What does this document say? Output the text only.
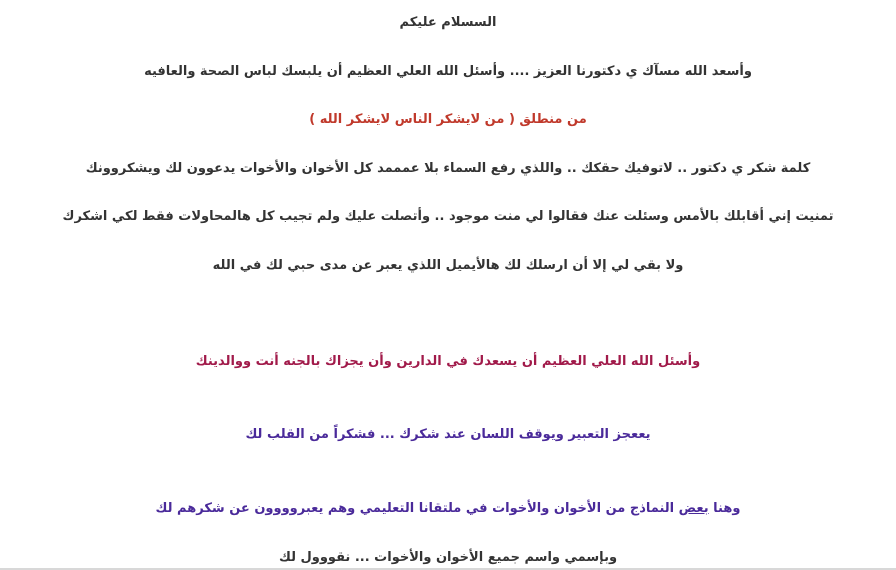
السسلام عليكم
وأسعد الله مسآك ي دكتورنا العزيز .... وأسئل الله العلي العظيم أن يلبسك لباس الصحة والعافيه
من منطلق ( من لايشكر الناس لايشكر الله )
كلمة شكر ي دكتور .. لاتوفيك حقكك .. واللذي رفع السماء بلا عمممد كل الأخوان والأخوات يدعوون لك ويشكروونك
تمنيت إني أقابلك بالأمس وسئلت عنك فقالوا لي منت موجود .. وأتصلت عليك ولم تجيب كل هالمحاولات فقط لكي اشكرك
ولا بقي لي إلا أن ارسلك لك هالأيميل اللذي يعبر عن مدى حبي لك في الله
وأسئل الله العلي العظيم أن يسعدك في الدارين وأن يجزاك بالجنه أنت ووالدينك
يععجز التعبير ويوقف اللسان عند شكرك ... فشكراً من القلب لك
وهنا بعض النماذج من الأخوان والأخوات في ملتقانا التعليمي وهم يعبروووون عن شكرهم لك
وبإسمي واسم جميع الأخوان والأخوات ... نقووول لك
